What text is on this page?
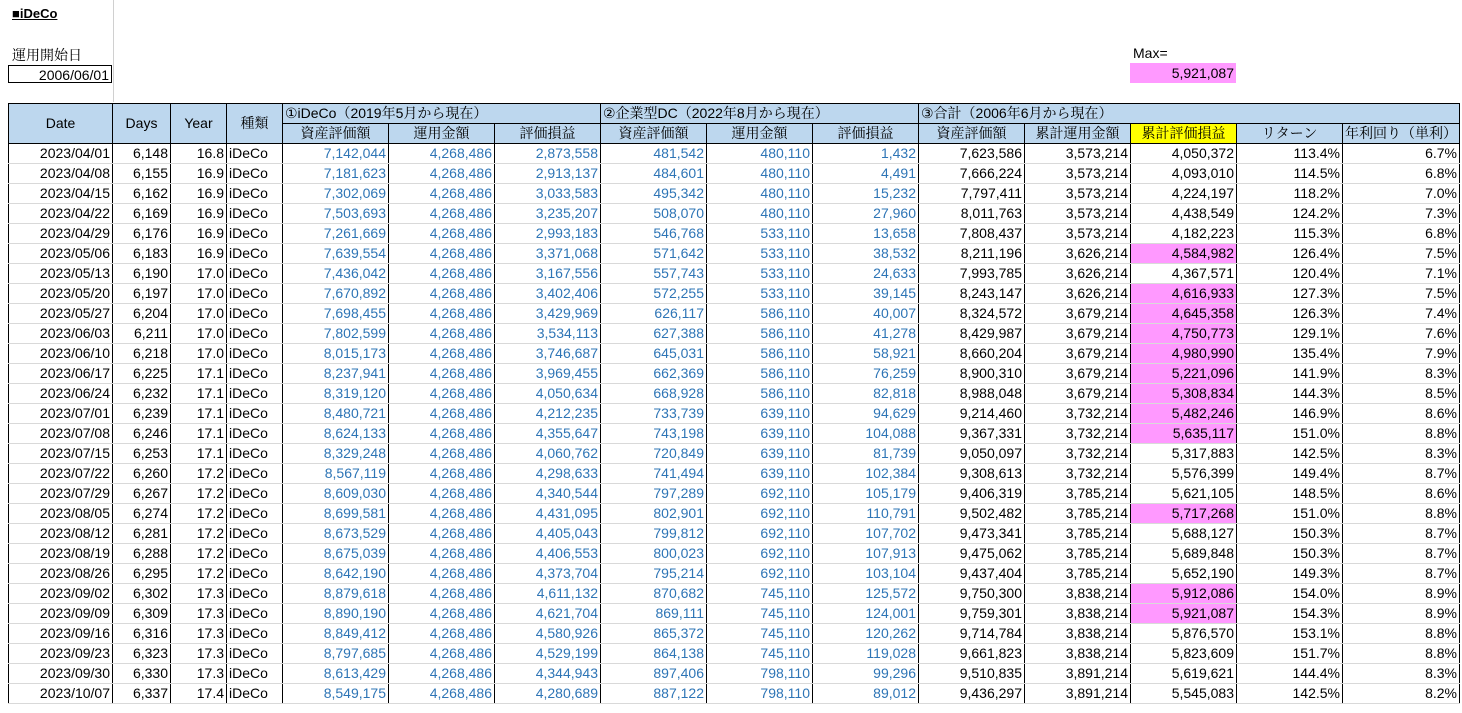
■iDeCo
運用開始日
2006/06/01
Max=
5,921,087
Date	Days	Year	種類	①iDeCo（2019年5月から現在）			②企業型DC（2022年8月から現在）			③合計（2006年6月から現在）				
				資産評価額	運用金額	評価損益	資産評価額	運用金額	評価損益	資産評価額	累計運用金額	累計評価損益	リターン	年利回り（単利）
2023/04/01	6,148	16.8	iDeCo	7,142,044	4,268,486	2,873,558	481,542	480,110	1,432	7,623,586	3,573,214	4,050,372	113.4%	6.7%
2023/04/08	6,155	16.9	iDeCo	7,181,623	4,268,486	2,913,137	484,601	480,110	4,491	7,666,224	3,573,214	4,093,010	114.5%	6.8%
2023/04/15	6,162	16.9	iDeCo	7,302,069	4,268,486	3,033,583	495,342	480,110	15,232	7,797,411	3,573,214	4,224,197	118.2%	7.0%
2023/04/22	6,169	16.9	iDeCo	7,503,693	4,268,486	3,235,207	508,070	480,110	27,960	8,011,763	3,573,214	4,438,549	124.2%	7.3%
2023/04/29	6,176	16.9	iDeCo	7,261,669	4,268,486	2,993,183	546,768	533,110	13,658	7,808,437	3,573,214	4,182,223	115.3%	6.8%
2023/05/06	6,183	16.9	iDeCo	7,639,554	4,268,486	3,371,068	571,642	533,110	38,532	8,211,196	3,626,214	4,584,982	126.4%	7.5%
2023/05/13	6,190	17.0	iDeCo	7,436,042	4,268,486	3,167,556	557,743	533,110	24,633	7,993,785	3,626,214	4,367,571	120.4%	7.1%
2023/05/20	6,197	17.0	iDeCo	7,670,892	4,268,486	3,402,406	572,255	533,110	39,145	8,243,147	3,626,214	4,616,933	127.3%	7.5%
2023/05/27	6,204	17.0	iDeCo	7,698,455	4,268,486	3,429,969	626,117	586,110	40,007	8,324,572	3,679,214	4,645,358	126.3%	7.4%
2023/06/03	6,211	17.0	iDeCo	7,802,599	4,268,486	3,534,113	627,388	586,110	41,278	8,429,987	3,679,214	4,750,773	129.1%	7.6%
2023/06/10	6,218	17.0	iDeCo	8,015,173	4,268,486	3,746,687	645,031	586,110	58,921	8,660,204	3,679,214	4,980,990	135.4%	7.9%
2023/06/17	6,225	17.1	iDeCo	8,237,941	4,268,486	3,969,455	662,369	586,110	76,259	8,900,310	3,679,214	5,221,096	141.9%	8.3%
2023/06/24	6,232	17.1	iDeCo	8,319,120	4,268,486	4,050,634	668,928	586,110	82,818	8,988,048	3,679,214	5,308,834	144.3%	8.5%
2023/07/01	6,239	17.1	iDeCo	8,480,721	4,268,486	4,212,235	733,739	639,110	94,629	9,214,460	3,732,214	5,482,246	146.9%	8.6%
2023/07/08	6,246	17.1	iDeCo	8,624,133	4,268,486	4,355,647	743,198	639,110	104,088	9,367,331	3,732,214	5,635,117	151.0%	8.8%
2023/07/15	6,253	17.1	iDeCo	8,329,248	4,268,486	4,060,762	720,849	639,110	81,739	9,050,097	3,732,214	5,317,883	142.5%	8.3%
2023/07/22	6,260	17.2	iDeCo	8,567,119	4,268,486	4,298,633	741,494	639,110	102,384	9,308,613	3,732,214	5,576,399	149.4%	8.7%
2023/07/29	6,267	17.2	iDeCo	8,609,030	4,268,486	4,340,544	797,289	692,110	105,179	9,406,319	3,785,214	5,621,105	148.5%	8.6%
2023/08/05	6,274	17.2	iDeCo	8,699,581	4,268,486	4,431,095	802,901	692,110	110,791	9,502,482	3,785,214	5,717,268	151.0%	8.8%
2023/08/12	6,281	17.2	iDeCo	8,673,529	4,268,486	4,405,043	799,812	692,110	107,702	9,473,341	3,785,214	5,688,127	150.3%	8.7%
2023/08/19	6,288	17.2	iDeCo	8,675,039	4,268,486	4,406,553	800,023	692,110	107,913	9,475,062	3,785,214	5,689,848	150.3%	8.7%
2023/08/26	6,295	17.2	iDeCo	8,642,190	4,268,486	4,373,704	795,214	692,110	103,104	9,437,404	3,785,214	5,652,190	149.3%	8.7%
2023/09/02	6,302	17.3	iDeCo	8,879,618	4,268,486	4,611,132	870,682	745,110	125,572	9,750,300	3,838,214	5,912,086	154.0%	8.9%
2023/09/09	6,309	17.3	iDeCo	8,890,190	4,268,486	4,621,704	869,111	745,110	124,001	9,759,301	3,838,214	5,921,087	154.3%	8.9%
2023/09/16	6,316	17.3	iDeCo	8,849,412	4,268,486	4,580,926	865,372	745,110	120,262	9,714,784	3,838,214	5,876,570	153.1%	8.8%
2023/09/23	6,323	17.3	iDeCo	8,797,685	4,268,486	4,529,199	864,138	745,110	119,028	9,661,823	3,838,214	5,823,609	151.7%	8.8%
2023/09/30	6,330	17.3	iDeCo	8,613,429	4,268,486	4,344,943	897,406	798,110	99,296	9,510,835	3,891,214	5,619,621	144.4%	8.3%
2023/10/07	6,337	17.4	iDeCo	8,549,175	4,268,486	4,280,689	887,122	798,110	89,012	9,436,297	3,891,214	5,545,083	142.5%	8.2%
